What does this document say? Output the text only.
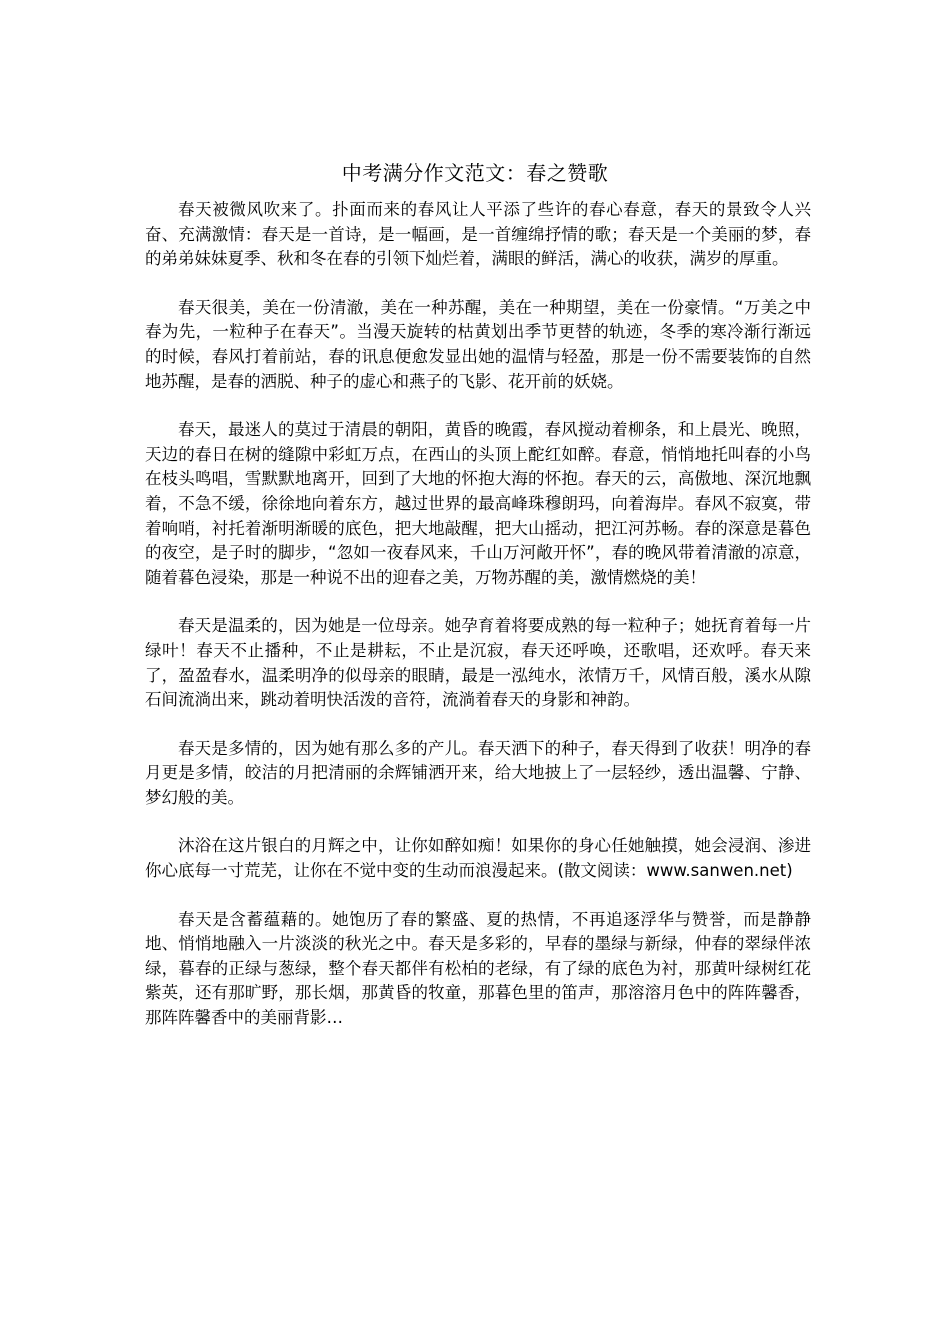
中考满分作文范文：春之赞歌

春天被微风吹来了。扑面而来的春风让人平添了些许的春心春意，春天的景致令人兴奋、充满激情：春天是一首诗，是一幅画，是一首缠绵抒情的歌；春天是一个美丽的梦，春的弟弟妹妹夏季、秋和冬在春的引领下灿烂着，满眼的鲜活，满心的收获，满岁的厚重。

春天很美，美在一份清澈，美在一种苏醒，美在一种期望，美在一份豪情。“万美之中春为先，一粒种子在春天”。当漫天旋转的枯黄划出季节更替的轨迹，冬季的寒冷渐行渐远的时候，春风打着前站，春的讯息便愈发显出她的温情与轻盈，那是一份不需要装饰的自然地苏醒，是春的洒脱、种子的虚心和燕子的飞影、花开前的妖娆。

春天，最迷人的莫过于清晨的朝阳，黄昏的晚霞，春风搅动着柳条，和上晨光、晚照，天边的春日在树的缝隙中彩虹万点，在西山的头顶上酡红如醉。春意，悄悄地托叫春的小鸟在枝头鸣唱，雪默默地离开，回到了大地的怀抱大海的怀抱。春天的云，高傲地、深沉地飘着，不急不缓，徐徐地向着东方，越过世界的最高峰珠穆朗玛，向着海岸。春风不寂寞，带着响哨，衬托着渐明渐暖的底色，把大地敲醒，把大山摇动，把江河苏畅。春的深意是暮色的夜空，是子时的脚步，“忽如一夜春风来，千山万河敞开怀”，春的晚风带着清澈的凉意，随着暮色浸染，那是一种说不出的迎春之美，万物苏醒的美，激情燃烧的美！

春天是温柔的，因为她是一位母亲。她孕育着将要成熟的每一粒种子；她抚育着每一片绿叶！春天不止播种，不止是耕耘，不止是沉寂，春天还呼唤，还歌唱，还欢呼。春天来了，盈盈春水，温柔明净的似母亲的眼睛，最是一泓纯水，浓情万千，风情百般，溪水从隙石间流淌出来，跳动着明快活泼的音符，流淌着春天的身影和神韵。

春天是多情的，因为她有那么多的产儿。春天洒下的种子，春天得到了收获！明净的春月更是多情，皎洁的月把清丽的余辉铺洒开来，给大地披上了一层轻纱，透出温馨、宁静、梦幻般的美。

沐浴在这片银白的月辉之中，让你如醉如痴！如果你的身心任她触摸，她会浸润、渗进你心底每一寸荒芜，让你在不觉中变的生动而浪漫起来。(散文阅读：www.sanwen.net)

春天是含蓄蕴藉的。她饱历了春的繁盛、夏的热情，不再追逐浮华与赞誉，而是静静地、悄悄地融入一片淡淡的秋光之中。春天是多彩的，早春的墨绿与新绿，仲春的翠绿伴浓绿，暮春的正绿与葱绿，整个春天都伴有松柏的老绿，有了绿的底色为衬，那黄叶绿树红花紫英，还有那旷野，那长烟，那黄昏的牧童，那暮色里的笛声，那溶溶月色中的阵阵馨香，那阵阵馨香中的美丽背影…
